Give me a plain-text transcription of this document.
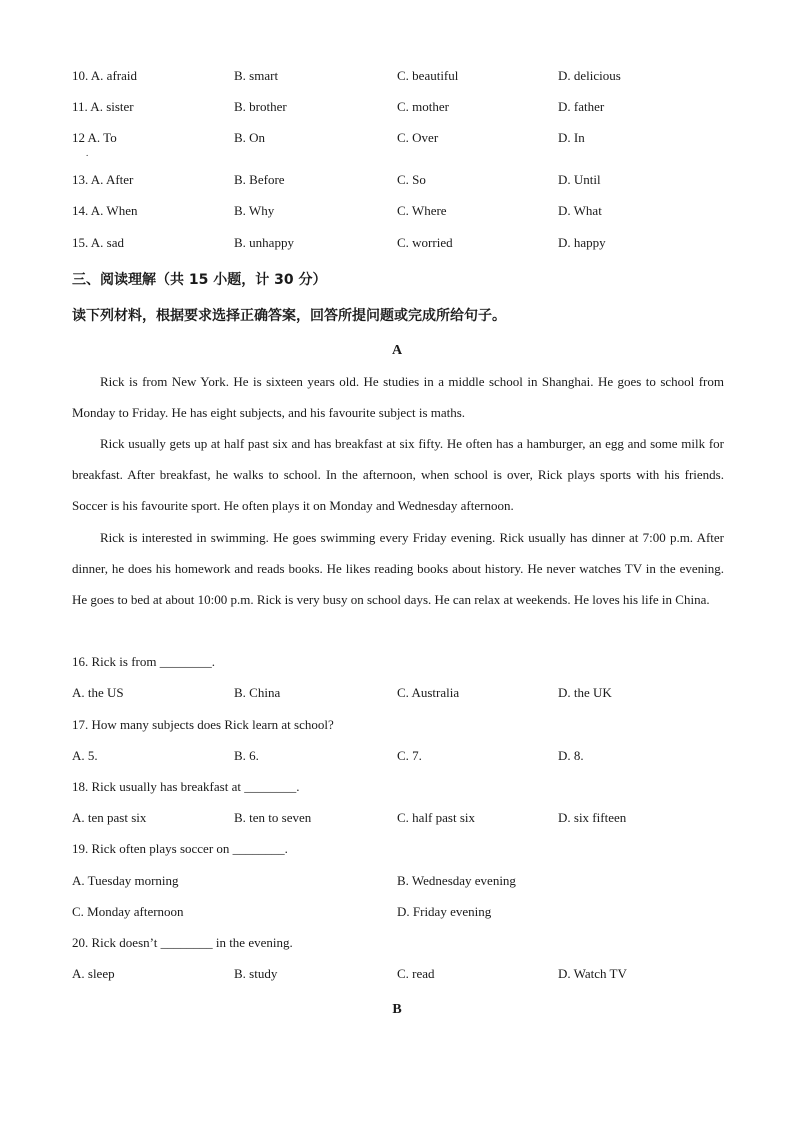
10. A. afraid	B. smart	C. beautiful	D. delicious
11. A. sister	B. brother	C. mother	D. father
12 A. To	B. On	C. Over	D. In
.
13. A. After	B. Before	C. So	D. Until
14. A. When	B. Why	C. Where	D. What
15. A. sad	B. unhappy	C. worried	D. happy
三、阅读理解（共 15 小题，计 30 分）
读下列材料，根据要求选择正确答案，回答所提问题或完成所给句子。
A

Rick is from New York. He is sixteen years old. He studies in a middle school in Shanghai. He goes to school from Monday to Friday. He has eight subjects, and his favourite subject is maths.

Rick usually gets up at half past six and has breakfast at six fifty. He often has a hamburger, an egg and some milk for breakfast. After breakfast, he walks to school. In the afternoon, when school is over, Rick plays sports with his friends. Soccer is his favourite sport. He often plays it on Monday and Wednesday afternoon.

Rick is interested in swimming. He goes swimming every Friday evening. Rick usually has dinner at 7:00 p.m. After dinner, he does his homework and reads books. He likes reading books about history. He never watches TV in the evening. He goes to bed at about 10:00 p.m. Rick is very busy on school days. He can relax at weekends. He loves his life in China.

16. Rick is from ________.
A. the US	B. China	C. Australia	D. the UK
17. How many subjects does Rick learn at school?
A. 5.	B. 6.	C. 7.	D. 8.
18. Rick usually has breakfast at ________.
A. ten past six	B. ten to seven	C. half past six	D. six fifteen
19. Rick often plays soccer on ________.
A. Tuesday morning	B. Wednesday evening
C. Monday afternoon	D. Friday evening
20. Rick doesn’t ________ in the evening.
A. sleep	B. study	C. read	D. Watch TV
B
